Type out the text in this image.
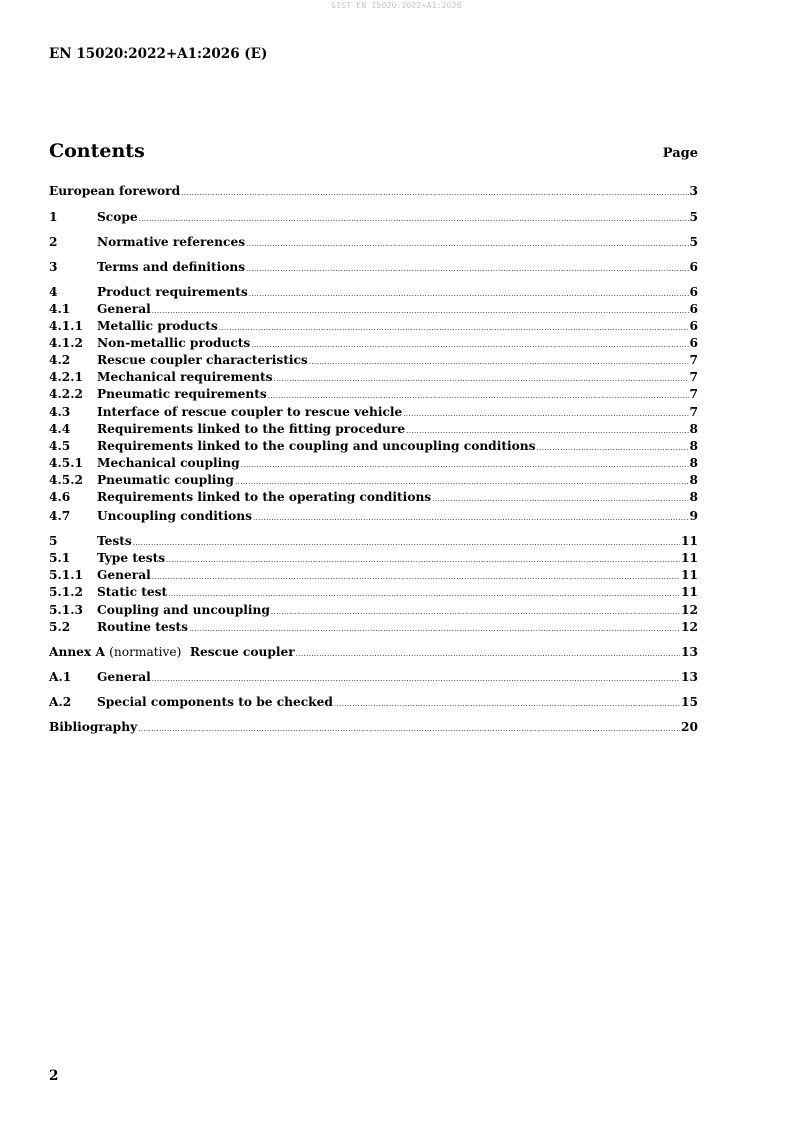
SIST EN 15020:2022+A1:2026
EN 15020:2022+A1:2026 (E)
Contents	Page
European foreword .....	3
1	Scope .....	5
2	Normative references .....	5
3	Terms and definitions .....	6
4	Product requirements .....	6
4.1	General .....	6
4.1.1	Metallic products .....	6
4.1.2	Non-metallic products .....	6
4.2	Rescue coupler characteristics .....	7
4.2.1	Mechanical requirements .....	7
4.2.2	Pneumatic requirements .....	7
4.3	Interface of rescue coupler to rescue vehicle .....	7
4.4	Requirements linked to the fitting procedure .....	8
4.5	Requirements linked to the coupling and uncoupling conditions .....	8
4.5.1	Mechanical coupling .....	8
4.5.2	Pneumatic coupling .....	8
4.6	Requirements linked to the operating conditions .....	8
4.7	Uncoupling conditions .....	9
5	Tests .....	11
5.1	Type tests .....	11
5.1.1	General .....	11
5.1.2	Static test .....	11
5.1.3	Coupling and uncoupling .....	12
5.2	Routine tests .....	12
Annex A (normative) Rescue coupler .....	13
A.1	General .....	13
A.2	Special components to be checked .....	15
Bibliography .....	20
2
